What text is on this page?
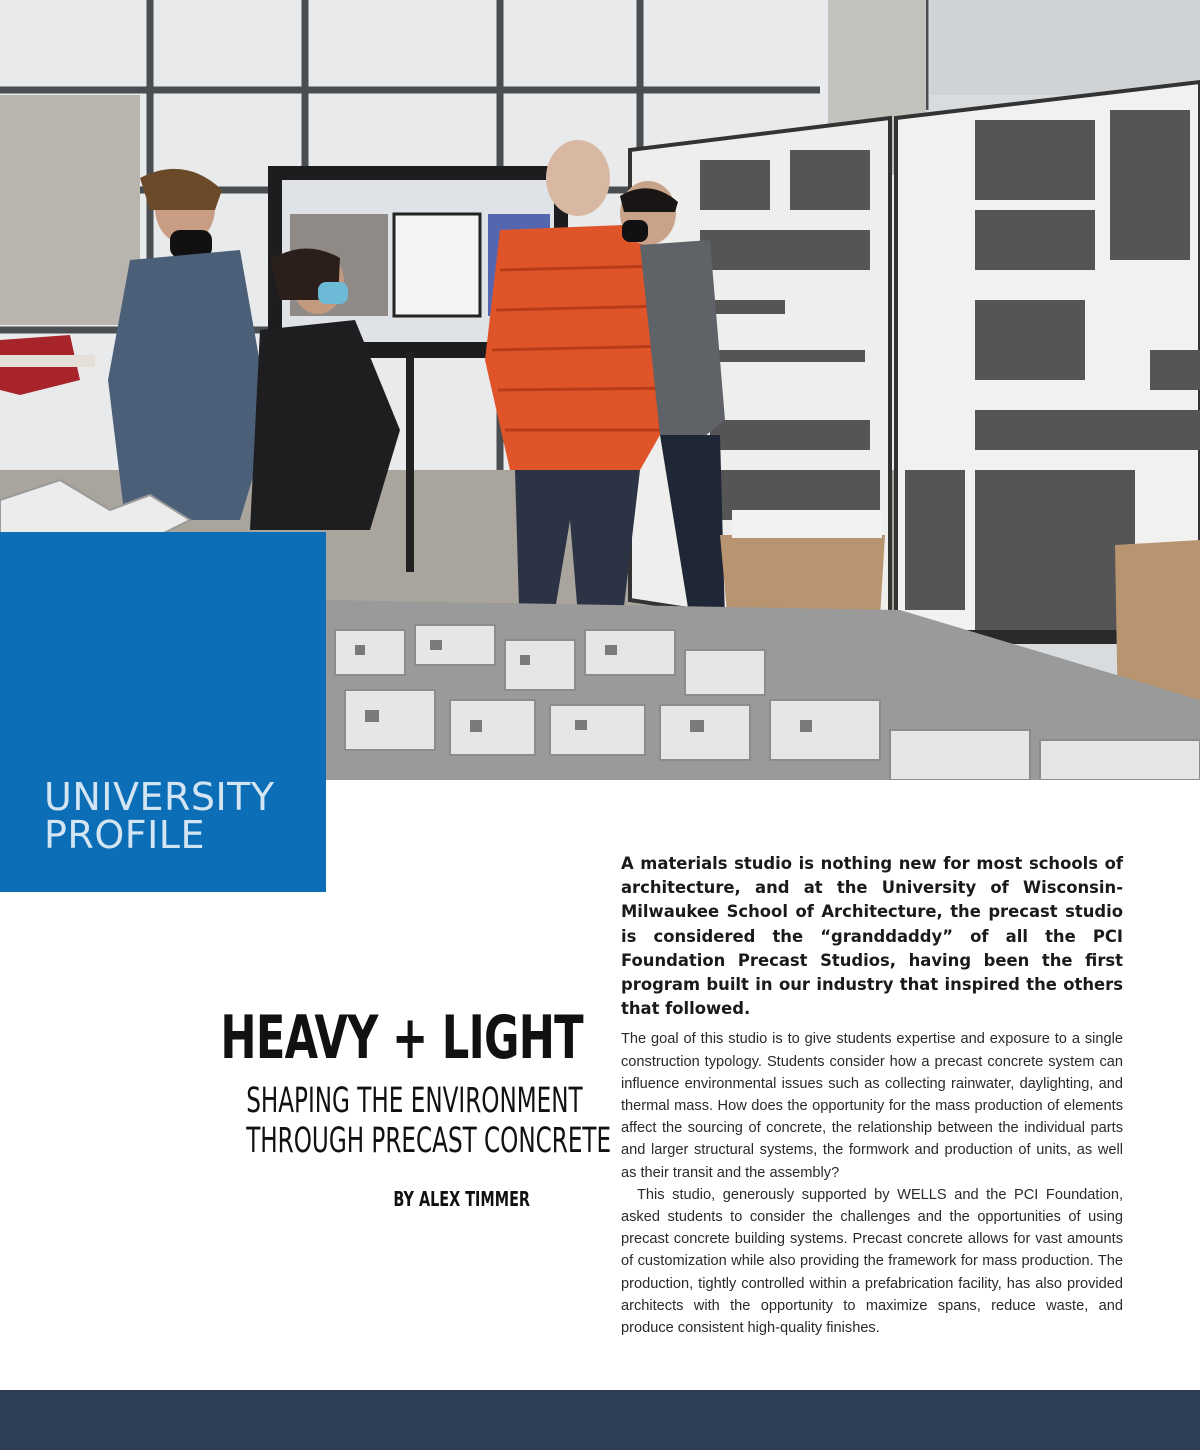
UNIVERSITY
PROFILE
HEAVY + LIGHT
SHAPING THE ENVIRONMENT
THROUGH PRECAST CONCRETE

BY ALEX TIMMER

A materials studio is nothing new for most schools of architecture, and at the University of Wisconsin-Milwaukee School of Architecture, the precast studio is considered the “granddaddy” of all the PCI Foundation Precast Studios, having been the first program built in our industry that inspired the others that followed.

The goal of this studio is to give students expertise and exposure to a single construction typology. Students consider how a precast concrete system can influence environmental issues such as collecting rainwater, daylighting, and thermal mass. How does the opportunity for the mass production of elements affect the sourcing of concrete, the relationship between the individual parts and larger structural systems, the formwork and production of units, as well as their transit and the assembly?

This studio, generously supported by WELLS and the PCI Foundation, asked students to consider the challenges and the opportunities of using precast concrete building systems. Precast concrete allows for vast amounts of customization while also providing the framework for mass production. The production, tightly controlled within a prefabrication facility, has also provided architects with the opportunity to maximize spans, reduce waste, and produce consistent high-quality finishes.
